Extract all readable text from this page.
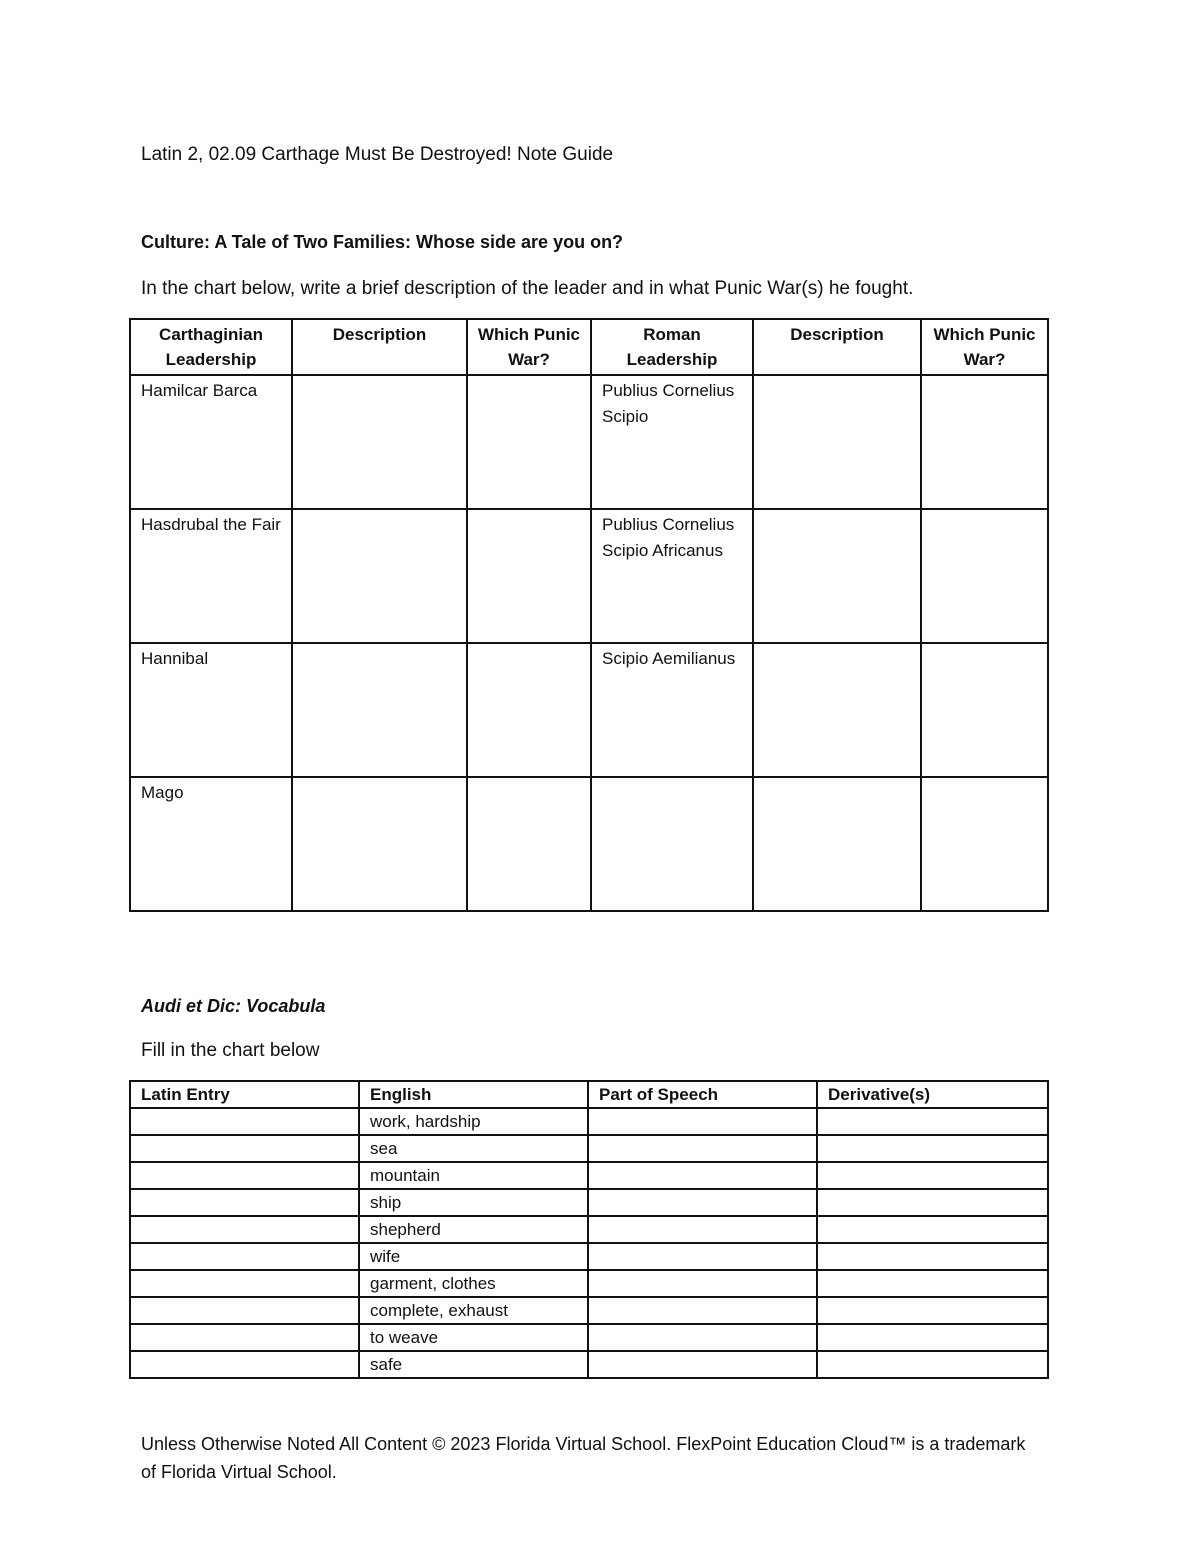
Latin 2, 02.09 Carthage Must Be Destroyed! Note Guide
Culture: A Tale of Two Families: Whose side are you on?
In the chart below, write a brief description of the leader and in what Punic War(s) he fought.
Carthaginian Leadership	Description	Which Punic War?	Roman Leadership	Description	Which Punic War?
Hamilcar Barca			Publius Cornelius Scipio		
Hasdrubal the Fair			Publius Cornelius Scipio Africanus		
Hannibal			Scipio Aemilianus		
Mago					
Audi et Dic: Vocabula
Fill in the chart below
Latin Entry	English	Part of Speech	Derivative(s)
	work, hardship		
	sea		
	mountain		
	ship		
	shepherd		
	wife		
	garment, clothes		
	complete, exhaust		
	to weave		
	safe		
Unless Otherwise Noted All Content © 2023 Florida Virtual School. FlexPoint Education Cloud™ is a trademark of Florida Virtual School.
